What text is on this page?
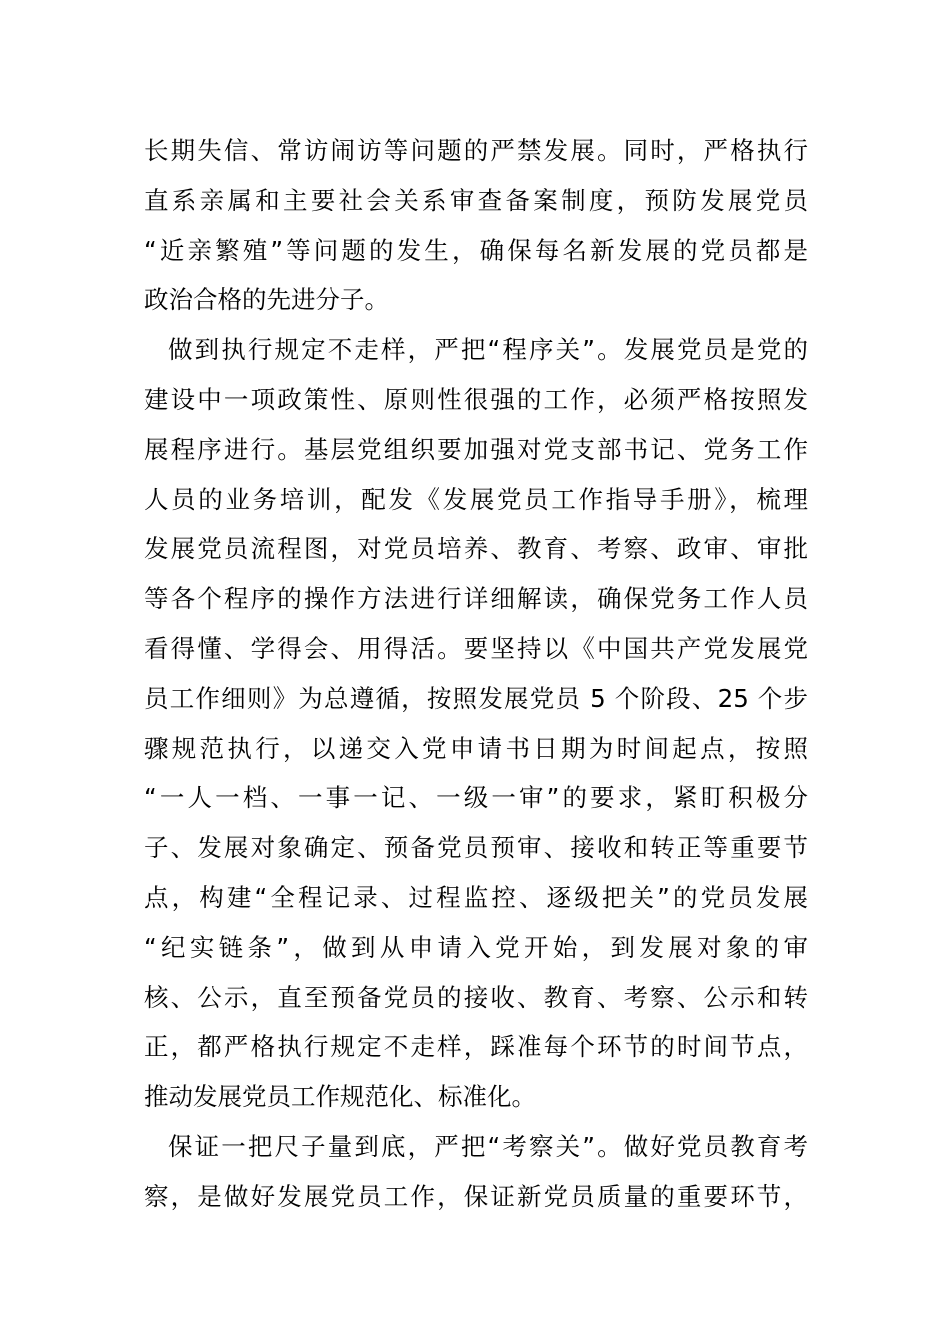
长期失信、常访闹访等问题的严禁发展。同时，严格执行
直系亲属和主要社会关系审查备案制度，预防发展党员
“近亲繁殖”等问题的发生，确保每名新发展的党员都是
政治合格的先进分子。
做到执行规定不走样，严把“程序关”。发展党员是党的
建设中一项政策性、原则性很强的工作，必须严格按照发
展程序进行。基层党组织要加强对党支部书记、党务工作
人员的业务培训，配发《发展党员工作指导手册》，梳理
发展党员流程图，对党员培养、教育、考察、政审、审批
等各个程序的操作方法进行详细解读，确保党务工作人员
看得懂、学得会、用得活。要坚持以《中国共产党发展党
员工作细则》为总遵循，按照发展党员 5 个阶段、25 个步
骤规范执行，以递交入党申请书日期为时间起点，按照
“一人一档、一事一记、一级一审”的要求，紧盯积极分
子、发展对象确定、预备党员预审、接收和转正等重要节
点，构建“全程记录、过程监控、逐级把关”的党员发展
“纪实链条”，做到从申请入党开始，到发展对象的审
核、公示，直至预备党员的接收、教育、考察、公示和转
正，都严格执行规定不走样，踩准每个环节的时间节点，
推动发展党员工作规范化、标准化。
保证一把尺子量到底，严把“考察关”。做好党员教育考
察，是做好发展党员工作，保证新党员质量的重要环节，
